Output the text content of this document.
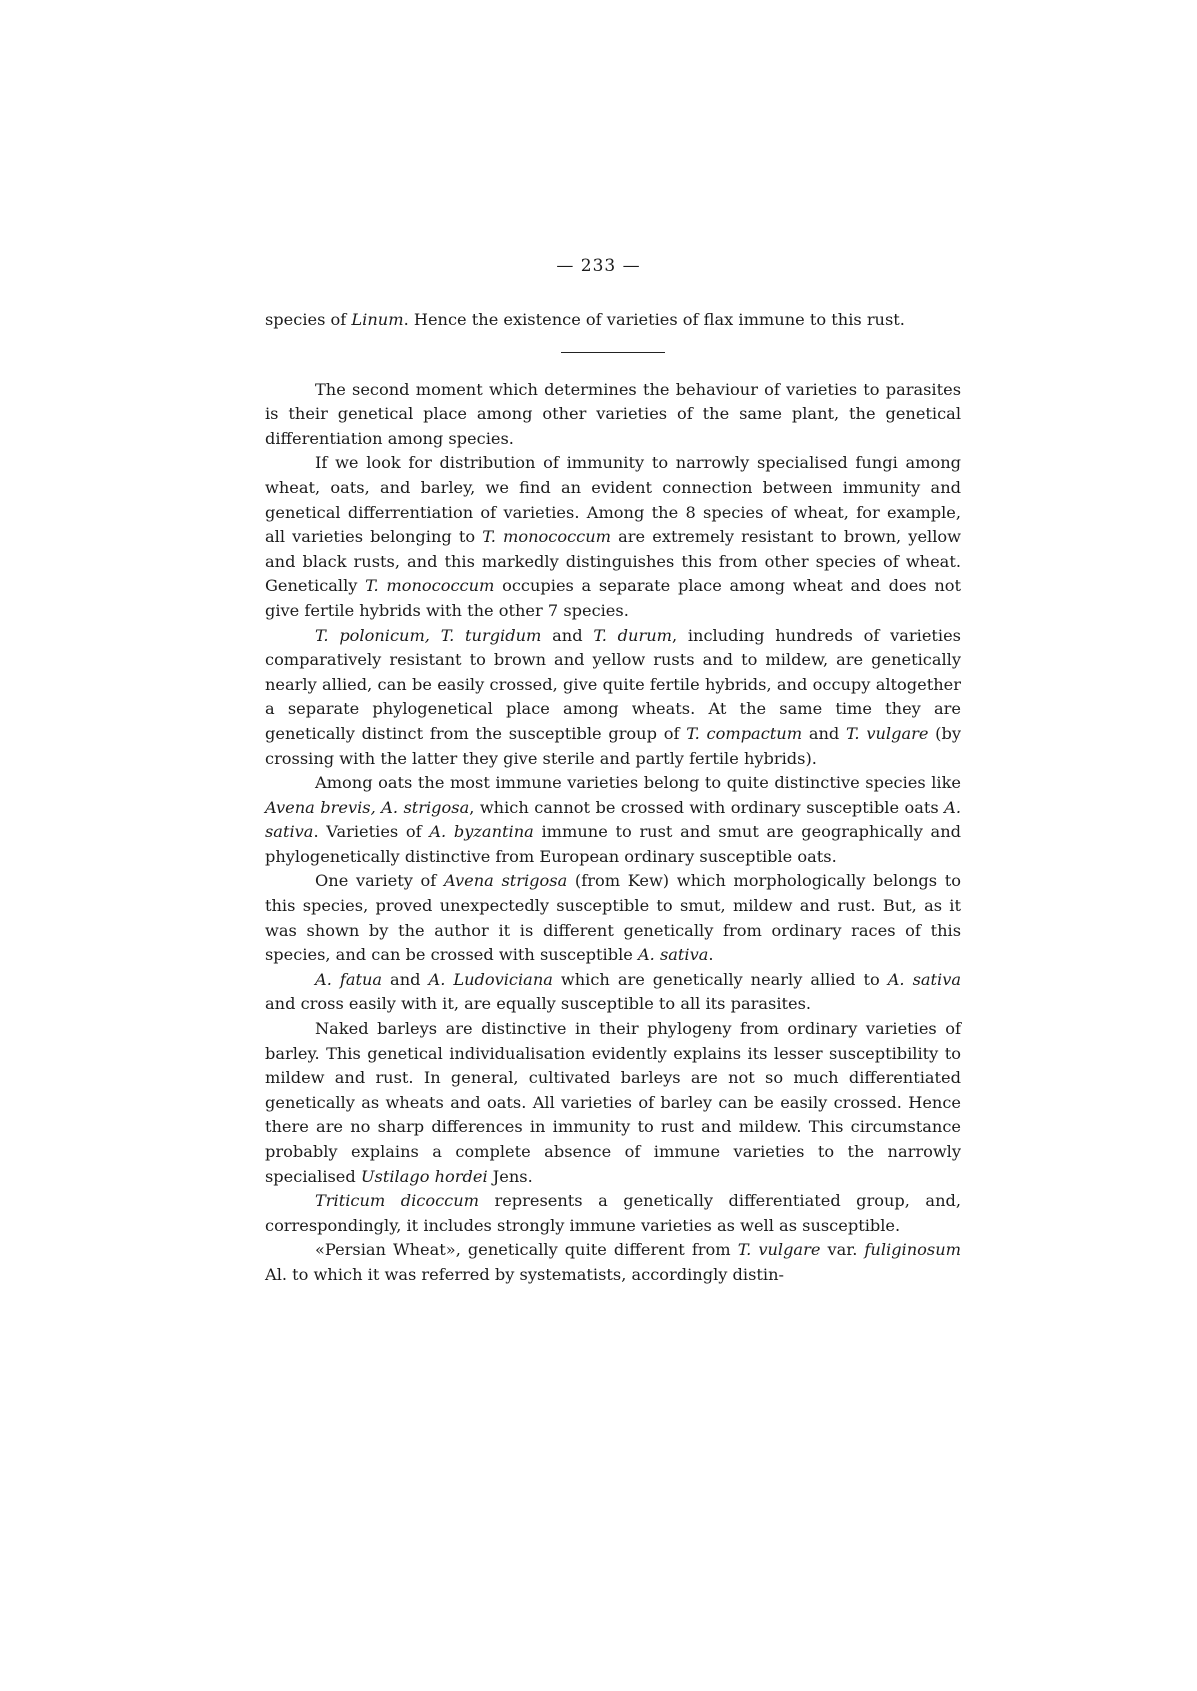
— 233 —

species of Linum. Hence the existence of varieties of flax immune to this rust.

The second moment which determines the behaviour of varieties to parasites is their genetical place among other varieties of the same plant, the genetical differentiation among species.

If we look for distribution of immunity to narrowly specialised fungi among wheat, oats, and barley, we find an evident connection between immunity and genetical differrentiation of varieties. Among the 8 species of wheat, for example, all varieties belonging to T. monococcum are extremely resistant to brown, yellow and black rusts, and this markedly distinguishes this from other species of wheat. Genetically T. monococcum occupies a separate place among wheat and does not give fertile hybrids with the other 7 species.

T. polonicum, T. turgidum and T. durum, including hundreds of varieties comparatively resistant to brown and yellow rusts and to mildew, are genetically nearly allied, can be easily crossed, give quite fertile hybrids, and occupy altogether a separate phylogenetical place among wheats. At the same time they are genetically distinct from the susceptible group of T. compactum and T. vulgare (by crossing with the latter they give sterile and partly fertile hybrids).

Among oats the most immune varieties belong to quite distinctive species like Avena brevis, A. strigosa, which cannot be crossed with ordinary susceptible oats A. sativa. Varieties of A. byzantina immune to rust and smut are geographically and phylogenetically distinctive from European ordinary susceptible oats.

One variety of Avena strigosa (from Kew) which morphologically belongs to this species, proved unexpectedly susceptible to smut, mildew and rust. But, as it was shown by the author it is different genetically from ordinary races of this species, and can be crossed with susceptible A. sativa.

A. fatua and A. Ludoviciana which are genetically nearly allied to A. sativa and cross easily with it, are equally susceptible to all its parasites.

Naked barleys are distinctive in their phylogeny from ordinary varieties of barley. This genetical individualisation evidently explains its lesser susceptibility to mildew and rust. In general, cultivated barleys are not so much differentiated genetically as wheats and oats. All varieties of barley can be easily crossed. Hence there are no sharp differences in immunity to rust and mildew. This circumstance probably explains a complete absence of immune varieties to the narrowly specialised Ustilago hordei Jens.

Triticum dicoccum represents a genetically differentiated group, and, correspondingly, it includes strongly immune varieties as well as susceptible.

«Persian Wheat», genetically quite different from T. vulgare var. fuliginosum Al. to which it was referred by systematists, accordingly distin-
